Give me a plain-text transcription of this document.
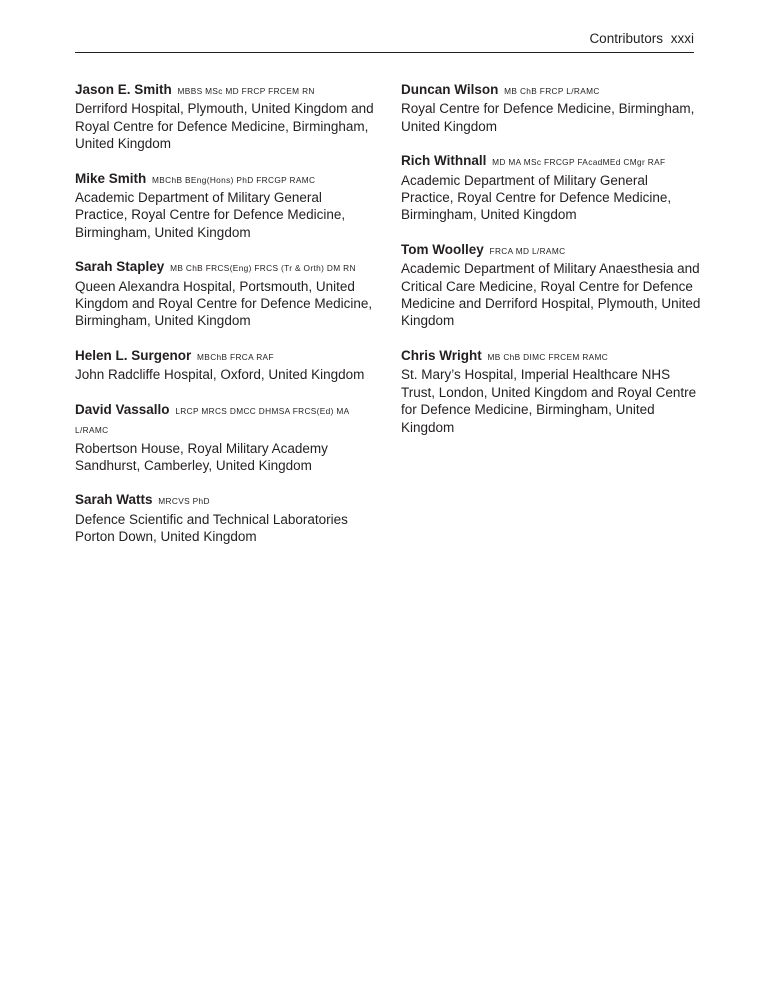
Contributors xxxi
Jason E. Smith MBBS MSc MD FRCP FRCEM RN
Derriford Hospital, Plymouth, United Kingdom and Royal Centre for Defence Medicine, Birmingham, United Kingdom
Mike Smith MBChB BEng(Hons) PhD FRCGP RAMC
Academic Department of Military General Practice, Royal Centre for Defence Medicine, Birmingham, United Kingdom
Sarah Stapley MB ChB FRCS(Eng) FRCS (Tr & Orth) DM RN
Queen Alexandra Hospital, Portsmouth, United Kingdom and Royal Centre for Defence Medicine, Birmingham, United Kingdom
Helen L. Surgenor MBChB FRCA RAF
John Radcliffe Hospital, Oxford, United Kingdom
David Vassallo LRCP MRCS DMCC DHMSA FRCS(Ed) MA L/RAMC
Robertson House, Royal Military Academy Sandhurst, Camberley, United Kingdom
Sarah Watts MRCVS PhD
Defence Scientific and Technical Laboratories Porton Down, United Kingdom
Duncan Wilson MB ChB FRCP L/RAMC
Royal Centre for Defence Medicine, Birmingham, United Kingdom
Rich Withnall MD MA MSc FRCGP FAcadMEd CMgr RAF
Academic Department of Military General Practice, Royal Centre for Defence Medicine, Birmingham, United Kingdom
Tom Woolley FRCA MD L/RAMC
Academic Department of Military Anaesthesia and Critical Care Medicine, Royal Centre for Defence Medicine and Derriford Hospital, Plymouth, United Kingdom
Chris Wright MB ChB DIMC FRCEM RAMC
St. Mary’s Hospital, Imperial Healthcare NHS Trust, London, United Kingdom and Royal Centre for Defence Medicine, Birmingham, United Kingdom
